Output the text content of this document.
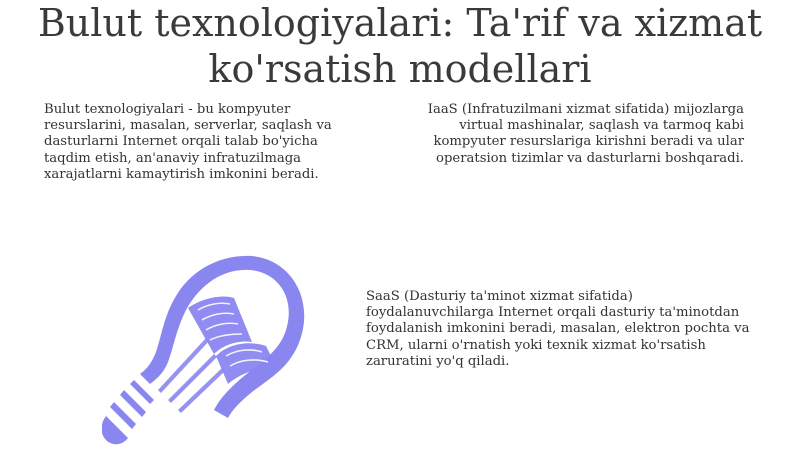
Bulut texnologiyalari: Ta'rif va xizmat ko'rsatish modellari

Bulut texnologiyalari - bu kompyuter resurslarini, masalan, serverlar, saqlash va dasturlarni Internet orqali talab bo'yicha taqdim etish, an'anaviy infratuzilmaga xarajatlarni kamaytirish imkonini beradi.

IaaS (Infratuzilmani xizmat sifatida) mijozlarga virtual mashinalar, saqlash va tarmoq kabi kompyuter resurslariga kirishni beradi va ular operatsion tizimlar va dasturlarni boshqaradi.

SaaS (Dasturiy ta'minot xizmat sifatida) foydalanuvchilarga Internet orqali dasturiy ta'minotdan foydalanish imkonini beradi, masalan, elektron pochta va CRM, ularni o'rnatish yoki texnik xizmat ko'rsatish zaruratini yo'q qiladi.
